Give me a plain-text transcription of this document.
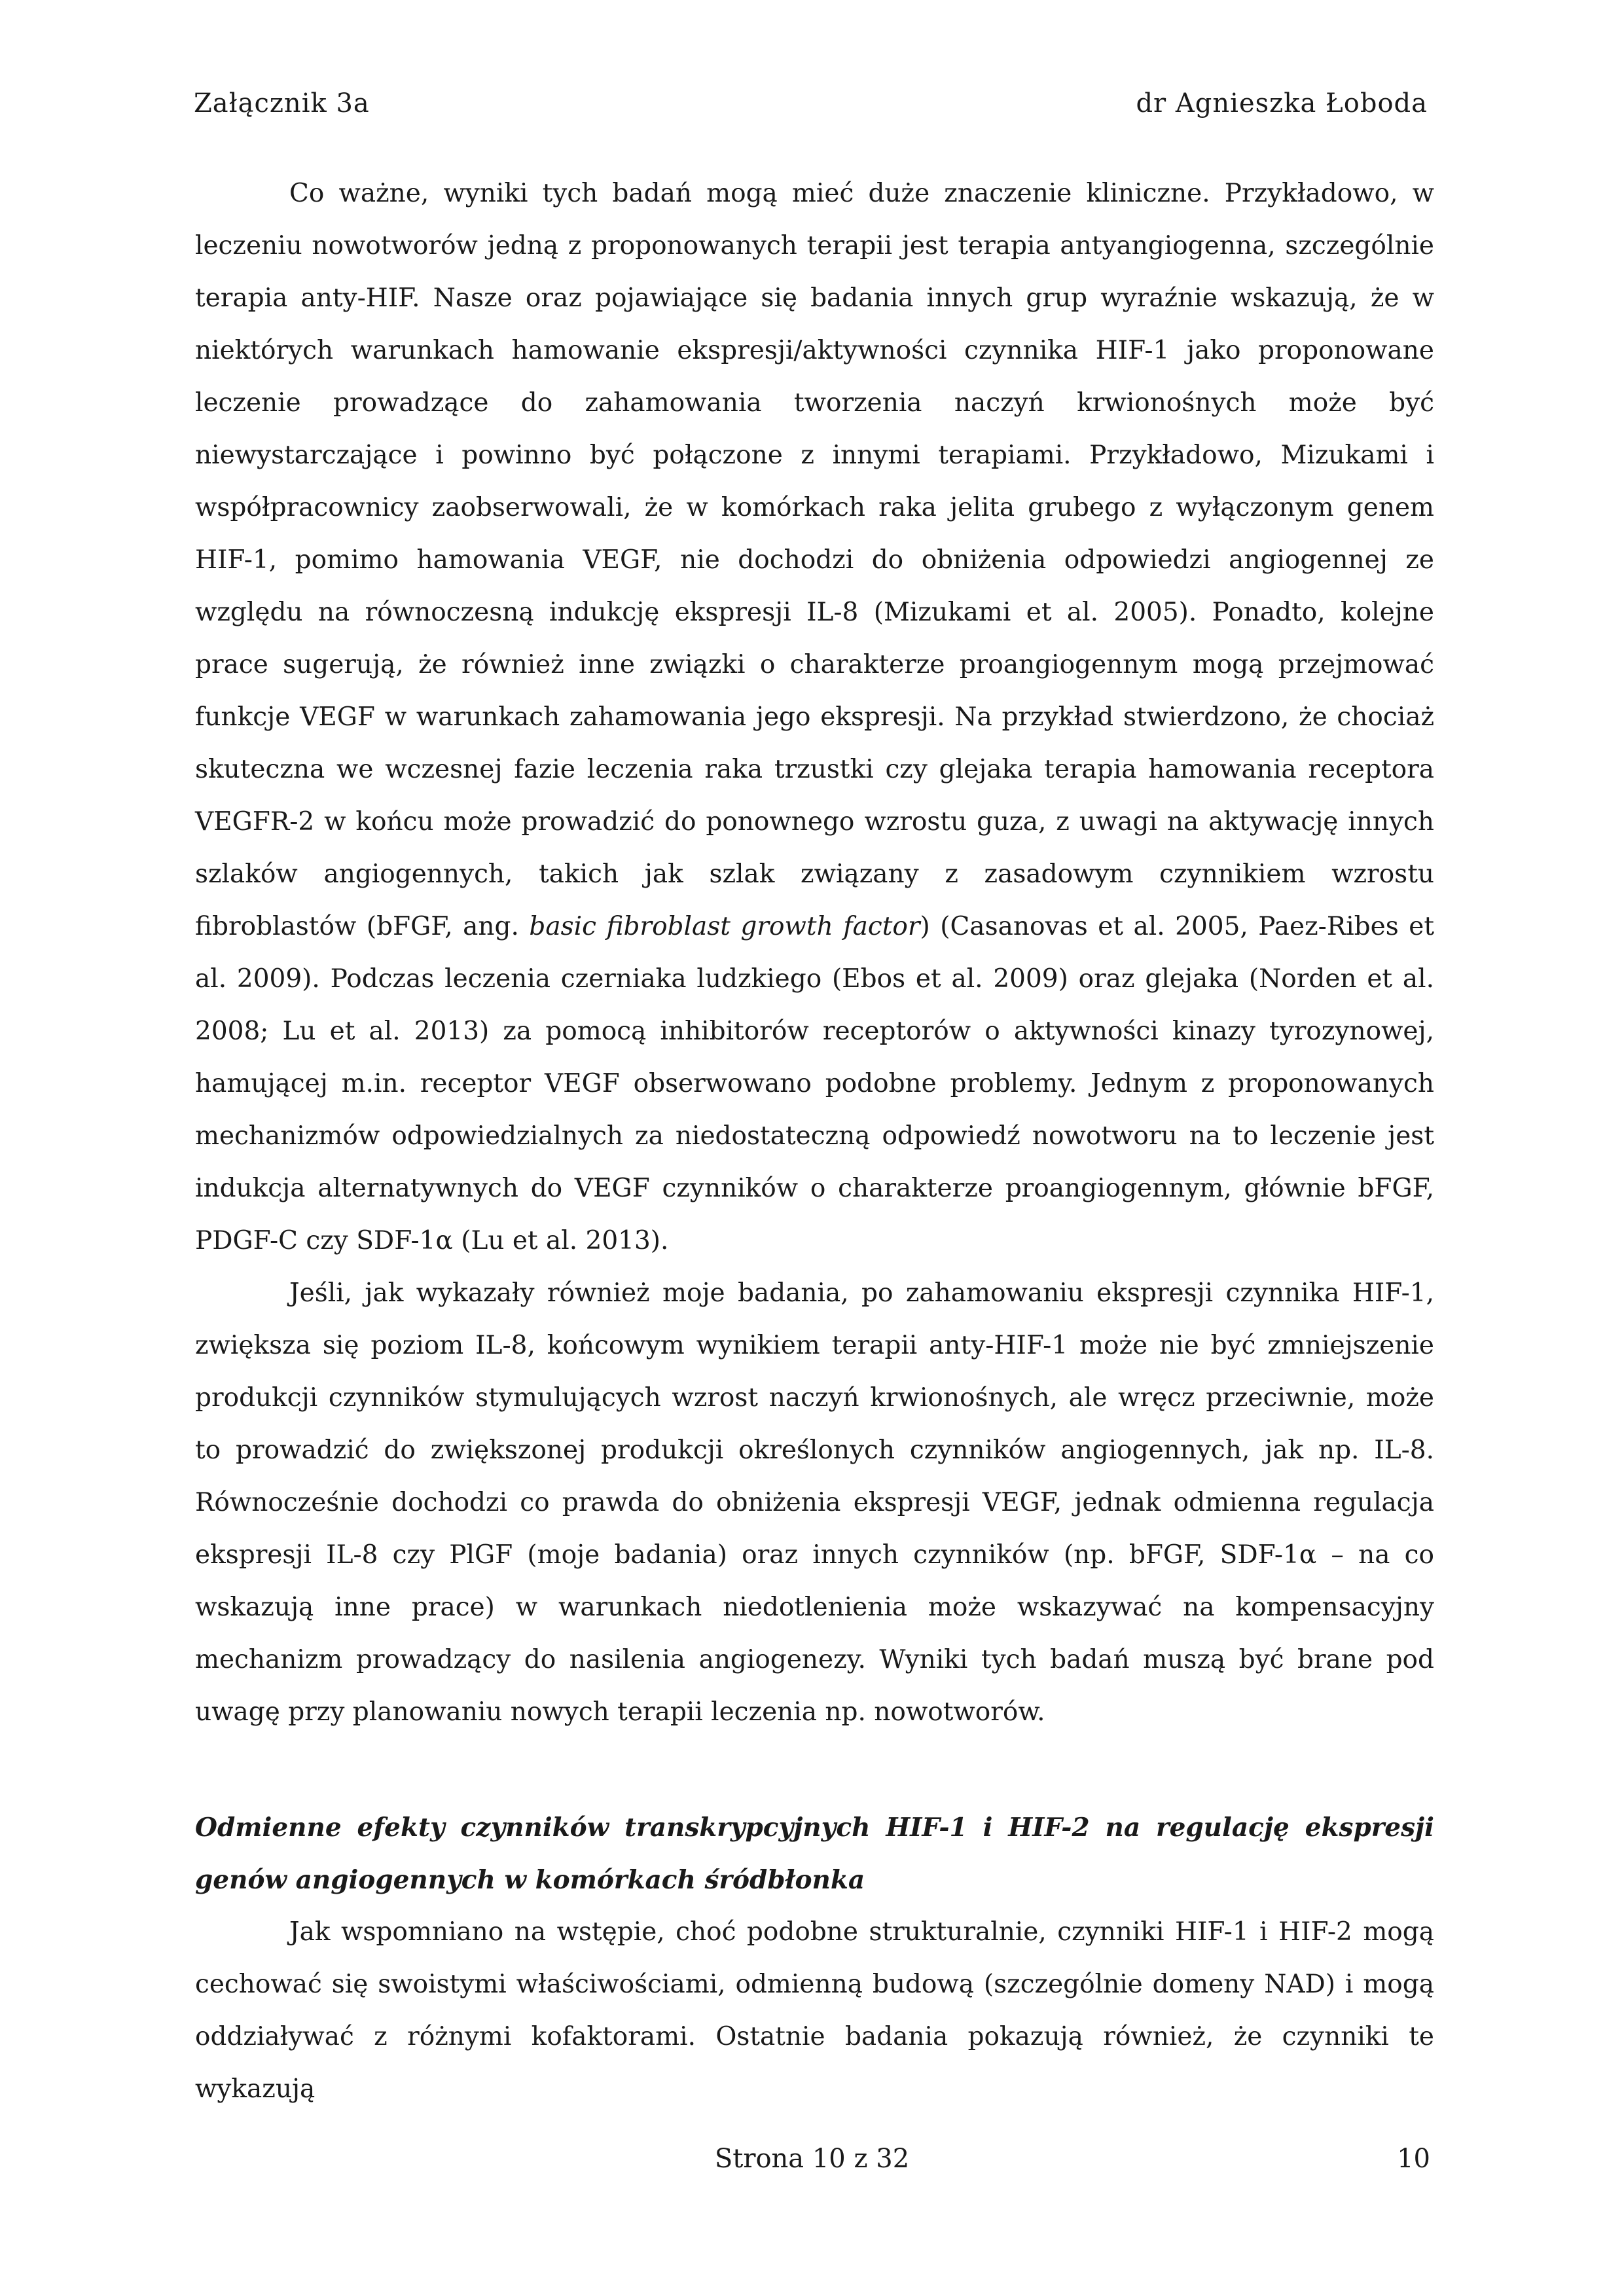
Załącznik 3a	dr Agnieszka Łoboda

Co ważne, wyniki tych badań mogą mieć duże znaczenie kliniczne. Przykładowo, w leczeniu nowotworów jedną z proponowanych terapii jest terapia antyangiogenna, szczególnie terapia anty-HIF. Nasze oraz pojawiające się badania innych grup wyraźnie wskazują, że w niektórych warunkach hamowanie ekspresji/aktywności czynnika HIF-1 jako proponowane leczenie prowadzące do zahamowania tworzenia naczyń krwionośnych może być niewystarczające i powinno być połączone z innymi terapiami. Przykładowo, Mizukami i współpracownicy zaobserwowali, że w komórkach raka jelita grubego z wyłączonym genem HIF-1, pomimo hamowania VEGF, nie dochodzi do obniżenia odpowiedzi angiogennej ze względu na równoczesną indukcję ekspresji IL-8 (Mizukami et al. 2005). Ponadto, kolejne prace sugerują, że również inne związki o charakterze proangiogennym mogą przejmować funkcje VEGF w warunkach zahamowania jego ekspresji. Na przykład stwierdzono, że chociaż skuteczna we wczesnej fazie leczenia raka trzustki czy glejaka terapia hamowania receptora VEGFR-2 w końcu może prowadzić do ponownego wzrostu guza, z uwagi na aktywację innych szlaków angiogennych, takich jak szlak związany z zasadowym czynnikiem wzrostu fibroblastów (bFGF, ang. basic fibroblast growth factor) (Casanovas et al. 2005, Paez-Ribes et al. 2009). Podczas leczenia czerniaka ludzkiego (Ebos et al. 2009) oraz glejaka (Norden et al. 2008; Lu et al. 2013) za pomocą inhibitorów receptorów o aktywności kinazy tyrozynowej, hamującej m.in. receptor VEGF obserwowano podobne problemy. Jednym z proponowanych mechanizmów odpowiedzialnych za niedostateczną odpowiedź nowotworu na to leczenie jest indukcja alternatywnych do VEGF czynników o charakterze proangiogennym, głównie bFGF, PDGF-C czy SDF-1α (Lu et al. 2013).

Jeśli, jak wykazały również moje badania, po zahamowaniu ekspresji czynnika HIF-1, zwiększa się poziom IL-8, końcowym wynikiem terapii anty-HIF-1 może nie być zmniejszenie produkcji czynników stymulujących wzrost naczyń krwionośnych, ale wręcz przeciwnie, może to prowadzić do zwiększonej produkcji określonych czynników angiogennych, jak np. IL-8. Równocześnie dochodzi co prawda do obniżenia ekspresji VEGF, jednak odmienna regulacja ekspresji IL-8 czy PlGF (moje badania) oraz innych czynników (np. bFGF, SDF-1α – na co wskazują inne prace) w warunkach niedotlenienia może wskazywać na kompensacyjny mechanizm prowadzący do nasilenia angiogenezy. Wyniki tych badań muszą być brane pod uwagę przy planowaniu nowych terapii leczenia np. nowotworów.

Odmienne efekty czynników transkrypcyjnych HIF-1 i HIF-2 na regulację ekspresji genów angiogennych w komórkach śródbłonka

Jak wspomniano na wstępie, choć podobne strukturalnie, czynniki HIF-1 i HIF-2 mogą cechować się swoistymi właściwościami, odmienną budową (szczególnie domeny NAD) i mogą oddziaływać z różnymi kofaktorami. Ostatnie badania pokazują również, że czynniki te wykazują

Strona 10 z 32	10
